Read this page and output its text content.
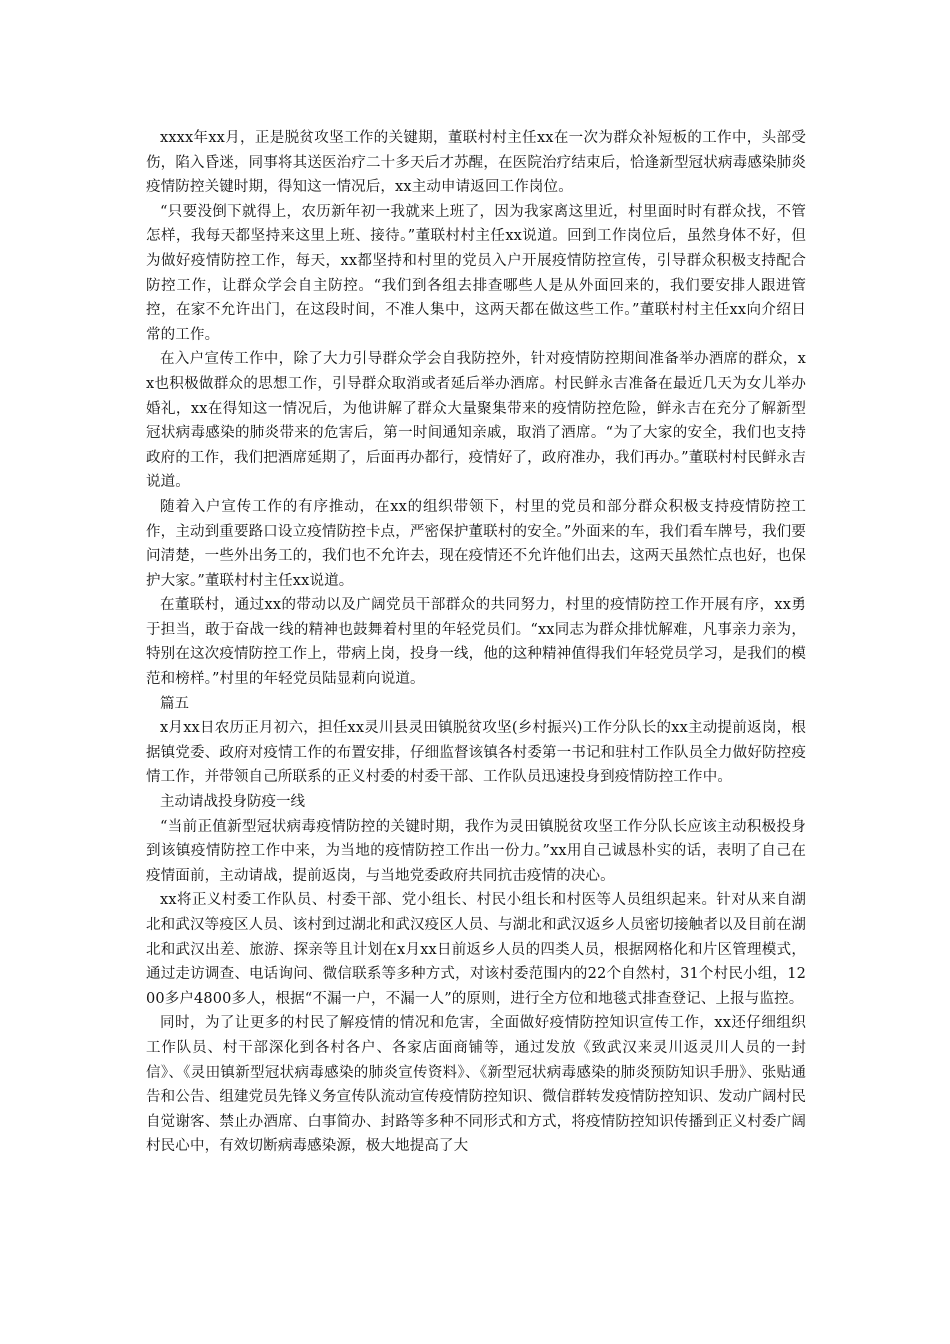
xxxx年xx月，正是脱贫攻坚工作的关键期，董联村村主任xx在一次为群众补短板的工作中，头部受伤，陷入昏迷，同事将其送医治疗二十多天后才苏醒，在医院治疗结束后，恰逢新型冠状病毒感染肺炎疫情防控关键时期，得知这一情况后，xx主动申请返回工作岗位。

“只要没倒下就得上，农历新年初一我就来上班了，因为我家离这里近，村里面时时有群众找，不管怎样，我每天都坚持来这里上班、接待。”董联村村主任xx说道。回到工作岗位后，虽然身体不好，但为做好疫情防控工作，每天，xx都坚持和村里的党员入户开展疫情防控宣传，引导群众积极支持配合防控工作，让群众学会自主防控。“我们到各组去排查哪些人是从外面回来的，我们要安排人跟进管控，在家不允许出门，在这段时间，不准人集中，这两天都在做这些工作。”董联村村主任xx向介绍日常的工作。

在入户宣传工作中，除了大力引导群众学会自我防控外，针对疫情防控期间准备举办酒席的群众，xx也积极做群众的思想工作，引导群众取消或者延后举办酒席。村民鲜永吉准备在最近几天为女儿举办婚礼，xx在得知这一情况后，为他讲解了群众大量聚集带来的疫情防控危险，鲜永吉在充分了解新型冠状病毒感染的肺炎带来的危害后，第一时间通知亲戚，取消了酒席。“为了大家的安全，我们也支持政府的工作，我们把酒席延期了，后面再办都行，疫情好了，政府准办，我们再办。”董联村村民鲜永吉说道。

随着入户宣传工作的有序推动，在xx的组织带领下，村里的党员和部分群众积极支持疫情防控工作，主动到重要路口设立疫情防控卡点，严密保护董联村的安全。”外面来的车，我们看车牌号，我们要问清楚，一些外出务工的，我们也不允许去，现在疫情还不允许他们出去，这两天虽然忙点也好，也保护大家。”董联村村主任xx说道。

在董联村，通过xx的带动以及广阔党员干部群众的共同努力，村里的疫情防控工作开展有序，xx勇于担当，敢于奋战一线的精神也鼓舞着村里的年轻党员们。“xx同志为群众排忧解难，凡事亲力亲为，特别在这次疫情防控工作上，带病上岗，投身一线，他的这种精神值得我们年轻党员学习，是我们的模范和榜样。”村里的年轻党员陆显莉向说道。

篇五

x月xx日农历正月初六，担任xx灵川县灵田镇脱贫攻坚(乡村振兴)工作分队长的xx主动提前返岗，根据镇党委、政府对疫情工作的布置安排，仔细监督该镇各村委第一书记和驻村工作队员全力做好防控疫情工作，并带领自己所联系的正义村委的村委干部、工作队员迅速投身到疫情防控工作中。

主动请战投身防疫一线

“当前正值新型冠状病毒疫情防控的关键时期，我作为灵田镇脱贫攻坚工作分队长应该主动积极投身到该镇疫情防控工作中来，为当地的疫情防控工作出一份力。”xx用自己诚恳朴实的话，表明了自己在疫情面前，主动请战，提前返岗，与当地党委政府共同抗击疫情的决心。

xx将正义村委工作队员、村委干部、党小组长、村民小组长和村医等人员组织起来。针对从来自湖北和武汉等疫区人员、该村到过湖北和武汉疫区人员、与湖北和武汉返乡人员密切接触者以及目前在湖北和武汉出差、旅游、探亲等且计划在x月xx日前返乡人员的四类人员，根据网格化和片区管理模式，通过走访调查、电话询问、微信联系等多种方式，对该村委范围内的22个自然村，31个村民小组，1200多户4800多人，根据“不漏一户，不漏一人”的原则，进行全方位和地毯式排查登记、上报与监控。

同时，为了让更多的村民了解疫情的情况和危害，全面做好疫情防控知识宣传工作，xx还仔细组织工作队员、村干部深化到各村各户、各家店面商铺等，通过发放《致武汉来灵川返灵川人员的一封信》、《灵田镇新型冠状病毒感染的肺炎宣传资料》、《新型冠状病毒感染的肺炎预防知识手册》、张贴通告和公告、组建党员先锋义务宣传队流动宣传疫情防控知识、微信群转发疫情防控知识、发动广阔村民自觉谢客、禁止办酒席、白事简办、封路等多种不同形式和方式，将疫情防控知识传播到正义村委广阔村民心中，有效切断病毒感染源，极大地提高了大
